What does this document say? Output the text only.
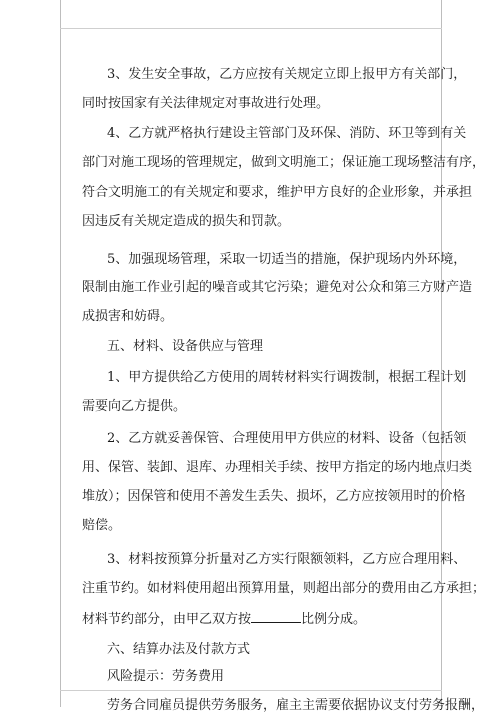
3、发生安全事故，乙方应按有关规定立即上报甲方有关部门，
同时按国家有关法律规定对事故进行处理。
4、乙方就严格执行建设主管部门及环保、消防、环卫等到有关
部门对施工现场的管理规定，做到文明施工；保证施工现场整洁有序，
符合文明施工的有关规定和要求，维护甲方良好的企业形象，并承担
因违反有关规定造成的损失和罚款。
5、加强现场管理，采取一切适当的措施，保护现场内外环境，
限制由施工作业引起的噪音或其它污染；避免对公众和第三方财产造
成损害和妨碍。
五、材料、设备供应与管理
1、甲方提供给乙方使用的周转材料实行调拨制，根据工程计划
需要向乙方提供。
2、乙方就妥善保管、合理使用甲方供应的材料、设备（包括领
用、保管、装卸、退库、办理相关手续、按甲方指定的场内地点归类
堆放）；因保管和使用不善发生丢失、损坏，乙方应按领用时的价格
赔偿。
3、材料按预算分折量对乙方实行限额领料，乙方应合理用料、
注重节约。如材料使用超出预算用量，则超出部分的费用由乙方承担；
材料节约部分，由甲乙双方按	比例分成。
六、结算办法及付款方式
风险提示：劳务费用
劳务合同雇员提供劳务服务，雇主主需要依据协议支付劳务报酬，
